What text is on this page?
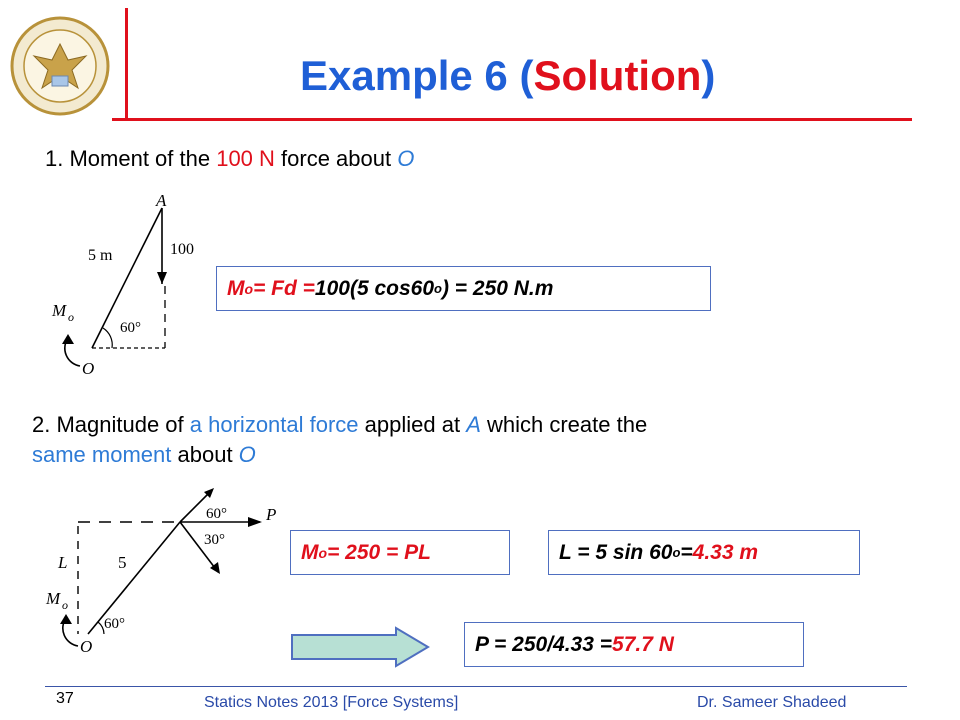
Example 6 (Solution)
1. Moment of the 100 N force about O
A
5 m	100
M o
60°
O
M o = Fd = 100(5 cos60 o ) = 250 N.m
2. Magnitude of a horizontal force applied at A which create the
same moment about O
60° P
30°
L	5
M o
60°
O
M o = 250 = PL	L = 5 sin 60 o = 4.33 m
P = 250/4.33 = 57.7 N
37	Statics Notes 2013 [Force Systems]	Dr. Sameer Shadeed
